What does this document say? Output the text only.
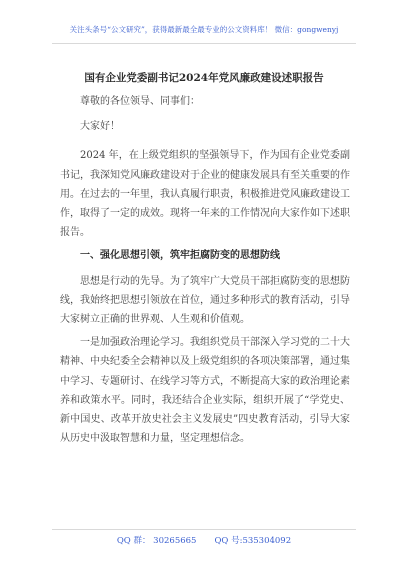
关注头条号“公文研究”，获得最新最全最专业的公文资料库！ 微信：gongwenyj
国有企业党委副书记2024年党风廉政建设述职报告

尊敬的各位领导、同事们：

大家好！

2024 年，在上级党组织的坚强领导下，作为国有企业党委副书记，我深知党风廉政建设对于企业的健康发展具有至关重要的作用。在过去的一年里，我认真履行职责，积极推进党风廉政建设工作，取得了一定的成效。现将一年来的工作情况向大家作如下述职报告。

一、强化思想引领，筑牢拒腐防变的思想防线

思想是行动的先导。为了筑牢广大党员干部拒腐防变的思想防线，我始终把思想引领放在首位，通过多种形式的教育活动，引导大家树立正确的世界观、人生观和价值观。

一是加强政治理论学习。我组织党员干部深入学习党的二十大精神、中央纪委全会精神以及上级党组织的各项决策部署，通过集中学习、专题研讨、在线学习等方式，不断提高大家的政治理论素养和政策水平。同时，我还结合企业实际，组织开展了“学党史、新中国史、改革开放史社会主义发展史”四史教育活动，引导大家从历史中汲取智慧和力量，坚定理想信念。

QQ 群： 30265665 QQ 号:535304092
